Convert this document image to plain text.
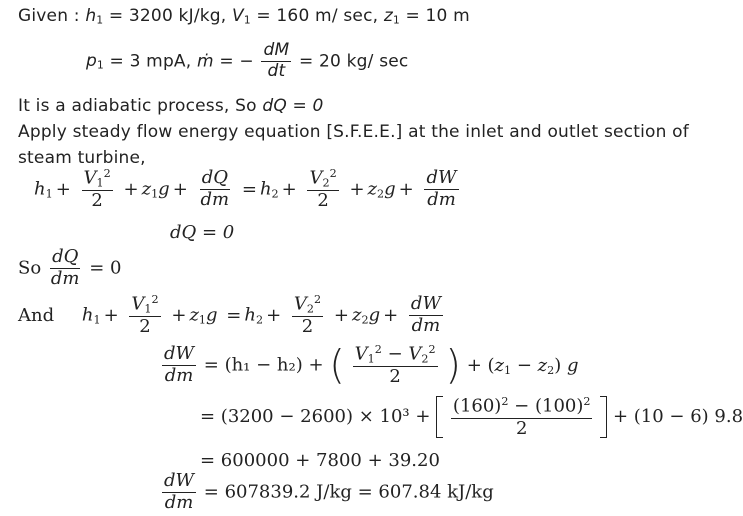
Given : $h_1 = 3200$ kJ/kg, $V_1 = 160$ m/ sec, $z_1 = 10$ m
$p_1 = 3$ mpA, ṁ = − $\frac{dM}{dt} = 20$ kg/ sec
It is a adiabatic process, So dQ = 0
Apply steady flow energy equation [S.F.E.E.] at the inlet and outlet section of
steam turbine,
$h_1 + \frac{V_1^2}{2} + z_1g + \frac{dQ}{dm} = h_2 + \frac{V_2^2}{2} + z_2g + \frac{dW}{dm}$
dQ = 0
So $\frac{dQ}{dm} = 0$
And $h_1 + \frac{V_1^2}{2} + z_1g = h_2 + \frac{V_2^2}{2} + z_2g + \frac{dW}{dm}$
$\frac{dW}{dm} = (h_1 - h_2)$ + ( $\frac{V_1^2 - V_2^2}{2}$ ) + $(z_1 - z_2)$ g
= $(3200 - 2600) \times 10^3 + \frac{(160)^2 - (100)^2}{2} + (10 - 6)$ 9.8
= 600000 + 7800 + 39.20
$\frac{dW}{dm} = 607839.2$ J/kg = 607.84 kJ/kg
